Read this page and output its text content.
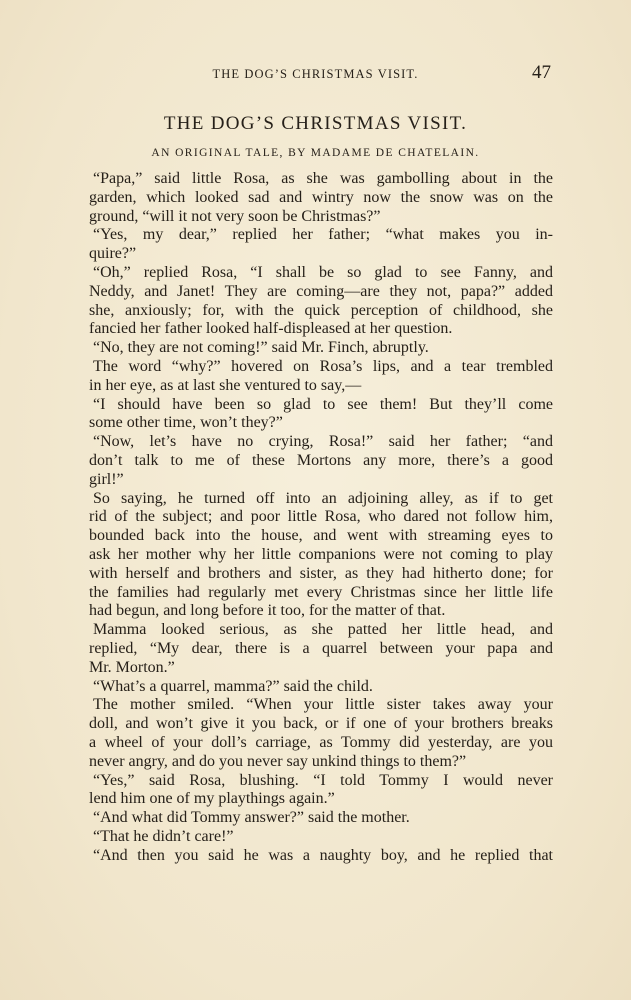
THE DOG’S CHRISTMAS VISIT.	47
THE DOG’S CHRISTMAS VISIT.
AN ORIGINAL TALE, BY MADAME DE CHATELAIN.
“Papa,” said little Rosa, as she was gambolling about in the
garden, which looked sad and wintry now the snow was on the
ground, “will it not very soon be Christmas?”
“Yes, my dear,” replied her father; “what makes you in-
quire?”
“Oh,” replied Rosa, “I shall be so glad to see Fanny, and
Neddy, and Janet! They are coming—are they not, papa?” added
she, anxiously; for, with the quick perception of childhood, she
fancied her father looked half-displeased at her question.
“No, they are not coming!” said Mr. Finch, abruptly.
The word “why?” hovered on Rosa’s lips, and a tear trembled
in her eye, as at last she ventured to say,—
“I should have been so glad to see them! But they’ll come
some other time, won’t they?”
“Now, let’s have no crying, Rosa!” said her father; “and
don’t talk to me of these Mortons any more, there’s a good
girl!”
So saying, he turned off into an adjoining alley, as if to get
rid of the subject; and poor little Rosa, who dared not follow him,
bounded back into the house, and went with streaming eyes to
ask her mother why her little companions were not coming to play
with herself and brothers and sister, as they had hitherto done; for
the families had regularly met every Christmas since her little life
had begun, and long before it too, for the matter of that.
Mamma looked serious, as she patted her little head, and
replied, “My dear, there is a quarrel between your papa and
Mr. Morton.”
“What’s a quarrel, mamma?” said the child.
The mother smiled. “When your little sister takes away your
doll, and won’t give it you back, or if one of your brothers breaks
a wheel of your doll’s carriage, as Tommy did yesterday, are you
never angry, and do you never say unkind things to them?”
“Yes,” said Rosa, blushing. “I told Tommy I would never
lend him one of my playthings again.”
“And what did Tommy answer?” said the mother.
“That he didn’t care!”
“And then you said he was a naughty boy, and he replied that
